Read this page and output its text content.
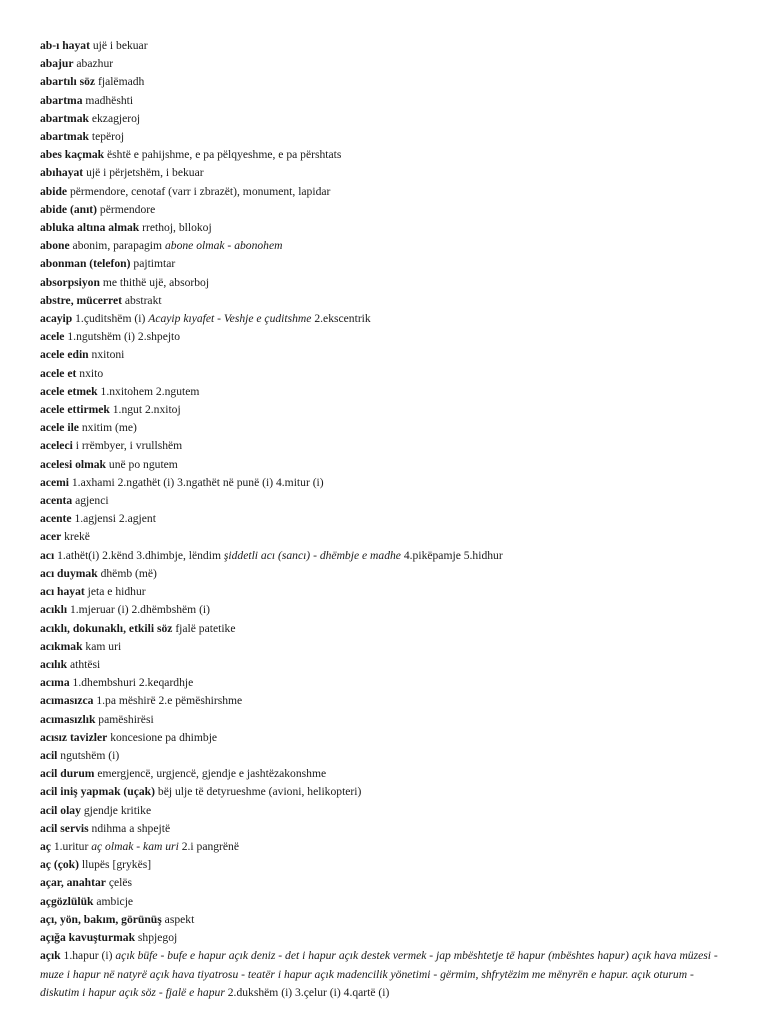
ab-ı hayat ujë i bekuar
abajur abazhur
abartılı söz fjalëmadh
abartma madhështi
abartmak ekzagjeroj
abartmak tepëroj
abes kaçmak është e pahijshme, e pa pëlqyeshme, e pa përshtats
abıhayat ujë i përjetshëm, i bekuar
abide përmendore, cenotaf (varr i zbrazët), monument, lapidar
abide (anıt) përmendore
abluka altına almak rrethoj, bllokoj
abone abonim, parapagim abone olmak - abonohem
abonman (telefon) pajtimtar
absorpsiyon me thithë ujë, absorboj
abstre, mücerret abstrakt
acayip 1.çuditshëm (i) Acayip kıyafet - Veshje e çuditshme 2.ekscentrik
acele 1.ngutshëm (i) 2.shpejto
acele edin nxitoni
acele et nxito
acele etmek 1.nxitohem 2.ngutem
acele ettirmek 1.ngut 2.nxitoj
acele ile nxitim (me)
aceleci i rrëmbyer, i vrullshëm
acelesi olmak unë po ngutem
acemi 1.axhami 2.ngathët (i) 3.ngathët në punë (i) 4.mitur (i)
acenta agjenci
acente 1.agjensi 2.agjent
acer krekë
acı 1.athët(i) 2.kënd 3.dhimbje, lëndim şiddetli acı (sancı) - dhëmbje e madhe 4.pikëpamje 5.hidhur
acı duymak dhëmb (më)
acı hayat jeta e hidhur
acıklı 1.mjeruar (i) 2.dhëmbshëm (i)
acıklı, dokunaklı, etkili söz fjalë patetike
acıkmak kam uri
acılık athtësi
acıma 1.dhembshuri 2.keqardhje
acımasızca 1.pa mëshirë 2.e pëmëshirshme
acımasızlık pamëshirësi
acısız tavizler koncesione pa dhimbje
acil ngutshëm (i)
acil durum emergjencë, urgjencë, gjendje e jashtëzakonshme
acil iniş yapmak (uçak) bëj ulje të detyrueshme (avioni, helikopteri)
acil olay gjendje kritike
acil servis ndihma a shpejtë
aç 1.uritur aç olmak - kam uri 2.i pangrënë
aç (çok) llupës [grykës]
açar, anahtar çelës
açgözlülük ambicje
açı, yön, bakım, görünüş aspekt
açığa kavuşturmak shpjegoj
açık 1.hapur (i) açık büfe - bufe e hapur açık deniz - det i hapur açık destek vermek - jap mbështetje të hapur (mbështes hapur) açık hava müzesi - muze i hapur në natyrë açık hava tiyatrosu - teatër i hapur açık madencilik yönetimi - gërmim, shfrytëzim me mënyrën e hapur. açık oturum - diskutim i hapur açık söz - fjalë e hapur 2.dukshëm (i) 3.çelur (i) 4.qartë (i)
